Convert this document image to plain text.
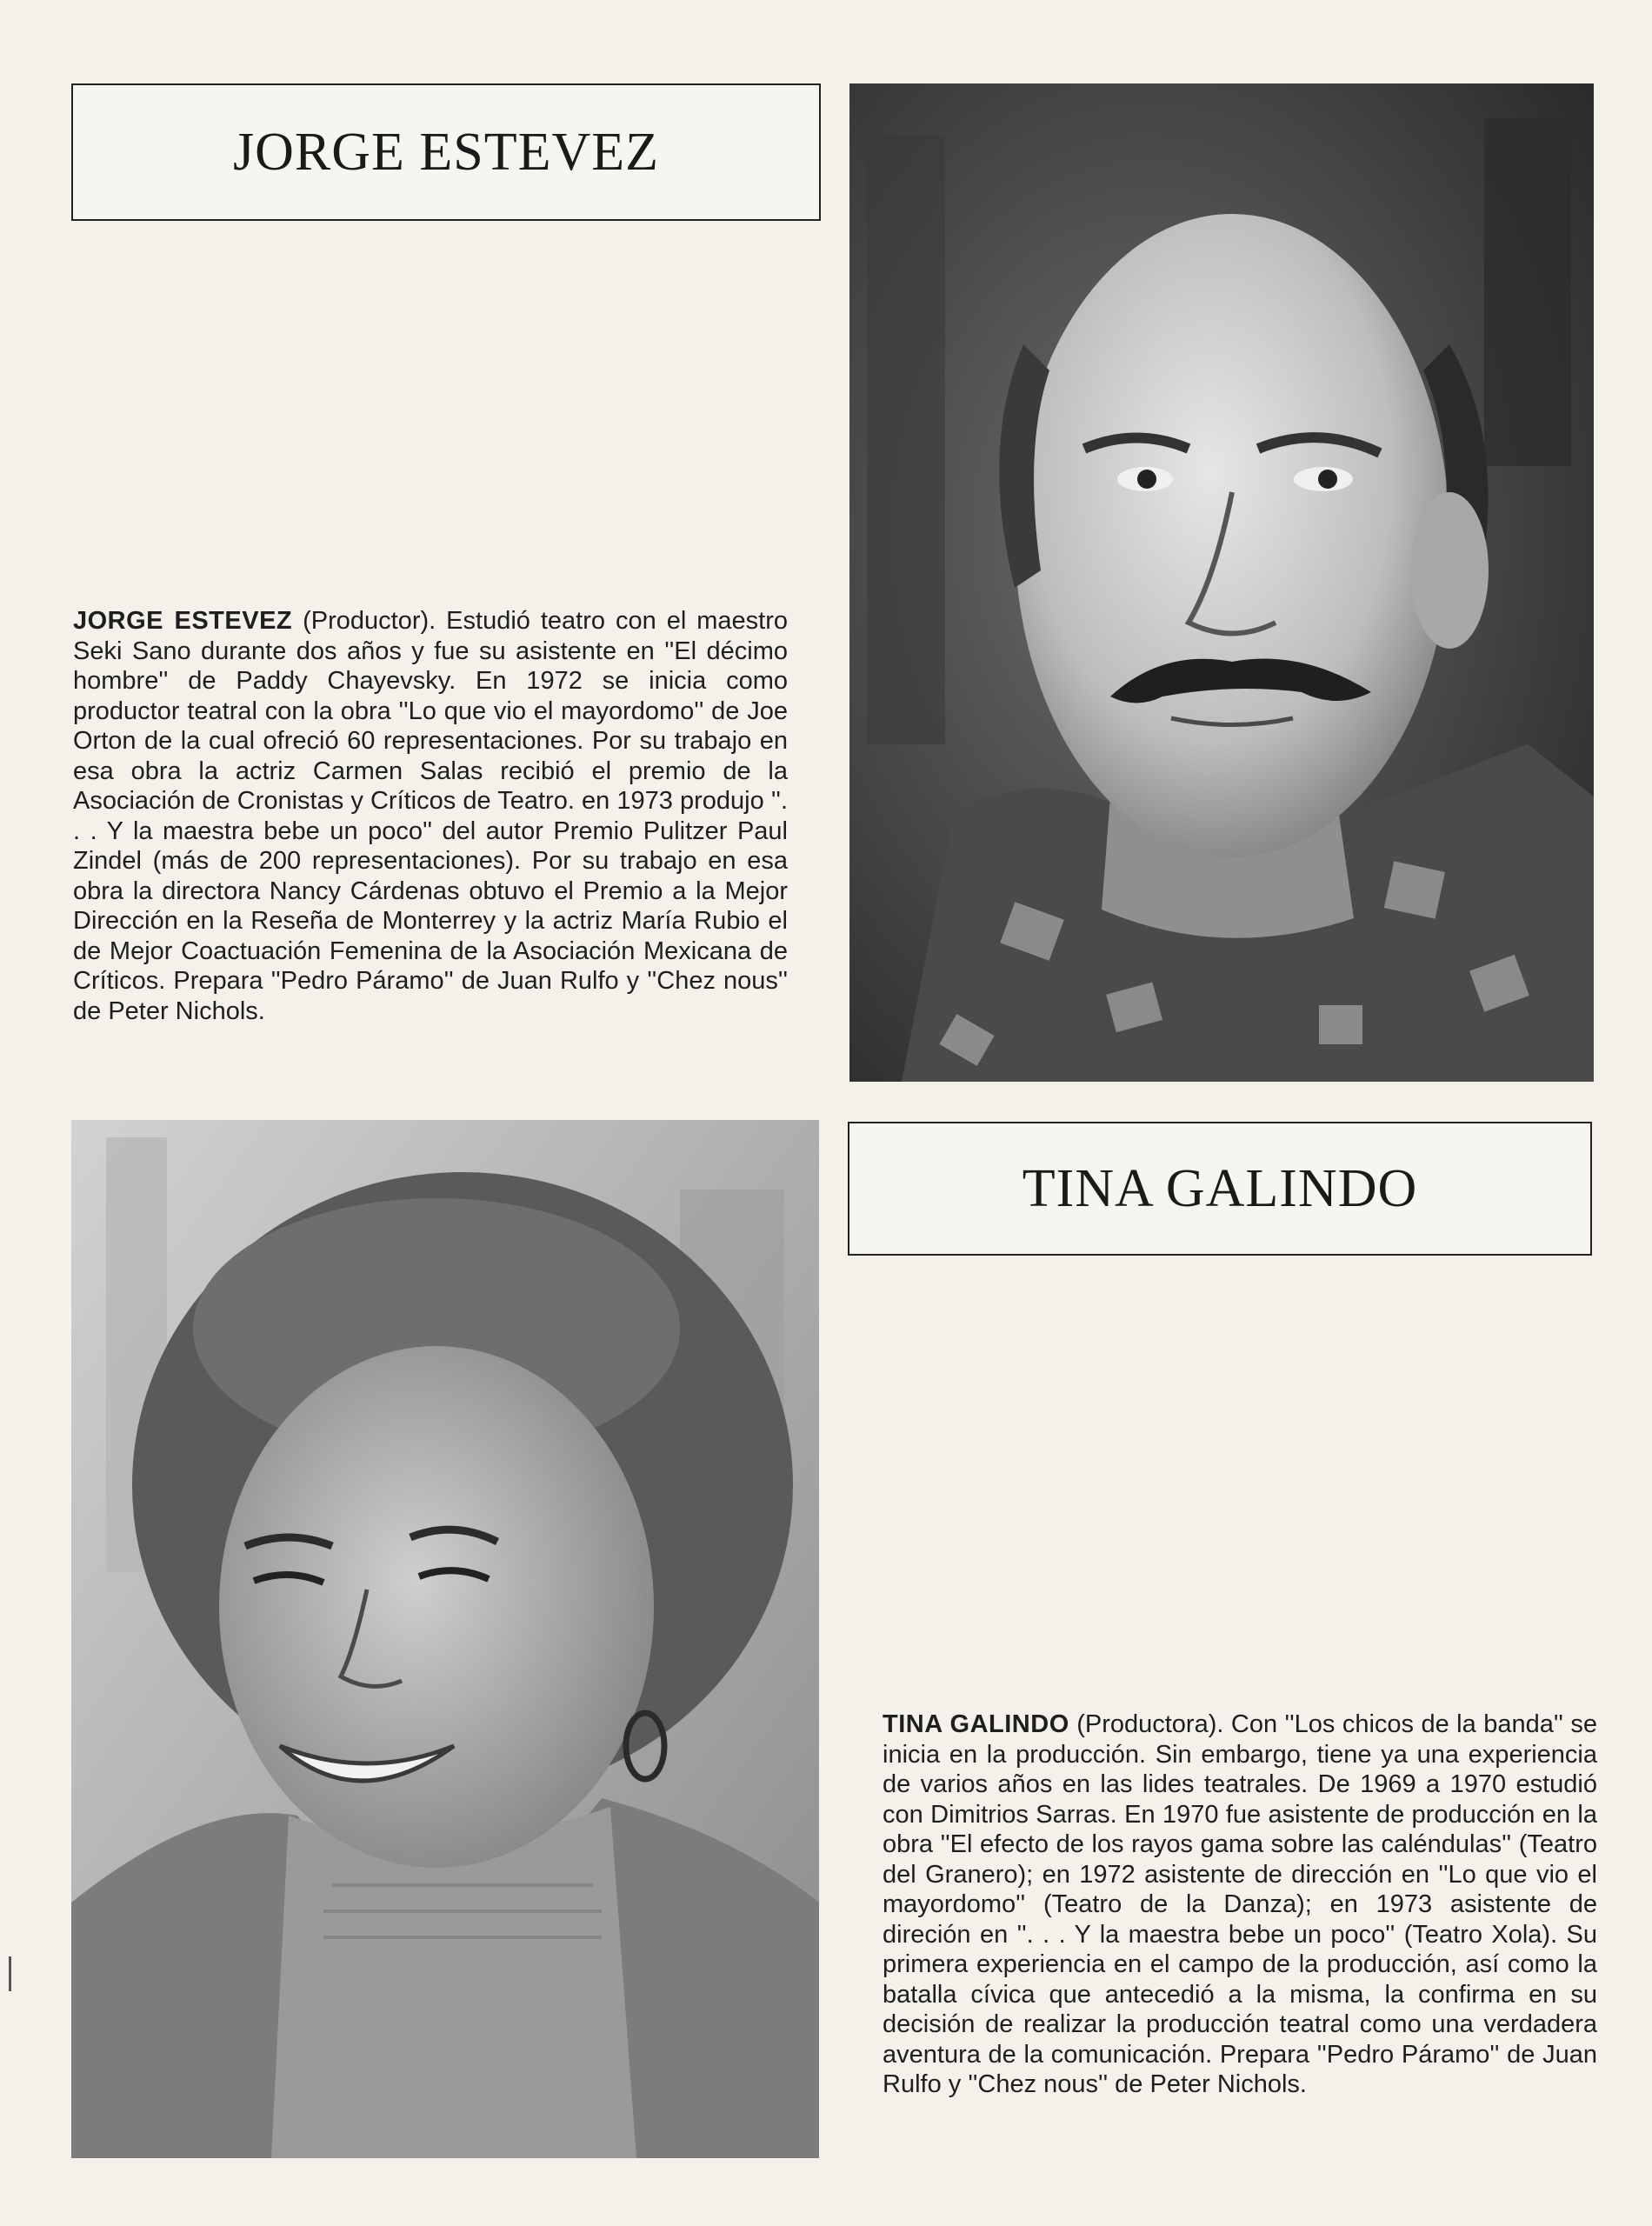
JORGE ESTEVEZ

JORGE ESTEVEZ (Productor). Estudió teatro con el maestro Seki Sano durante dos años y fue su asistente en ''El décimo hombre'' de Paddy Chayevsky. En 1972 se inicia como productor teatral con la obra ''Lo que vio el mayordomo'' de Joe Orton de la cual ofreció 60 representaciones. Por su trabajo en esa obra la actriz Carmen Salas recibió el premio de la Asociación de Cronistas y Críticos de Teatro. en 1973 produjo ''. . . Y la maestra bebe un poco'' del autor Premio Pulitzer Paul Zindel (más de 200 representaciones). Por su trabajo en esa obra la directora Nancy Cárdenas obtuvo el Premio a la Mejor Dirección en la Reseña de Monterrey y la actriz María Rubio el de Mejor Coactuación Femenina de la Asociación Mexicana de Críticos. Prepara ''Pedro Páramo'' de Juan Rulfo y ''Chez nous'' de Peter Nichols.

TINA GALINDO

TINA GALINDO (Productora). Con ''Los chicos de la banda'' se inicia en la producción. Sin embargo, tiene ya una experiencia de varios años en las lides teatrales. De 1969 a 1970 estudió con Dimitrios Sarras. En 1970 fue asistente de producción en la obra ''El efecto de los rayos gama sobre las caléndulas'' (Teatro del Granero); en 1972 asistente de dirección en ''Lo que vio el mayordomo'' (Teatro de la Danza); en 1973 asistente de direción en ''. . . Y la maestra bebe un poco'' (Teatro Xola). Su primera experiencia en el campo de la producción, así como la batalla cívica que antecedió a la misma, la confirma en su decisión de realizar la producción teatral como una verdadera aventura de la comunicación. Prepara ''Pedro Páramo'' de Juan Rulfo y ''Chez nous'' de Peter Nichols.
